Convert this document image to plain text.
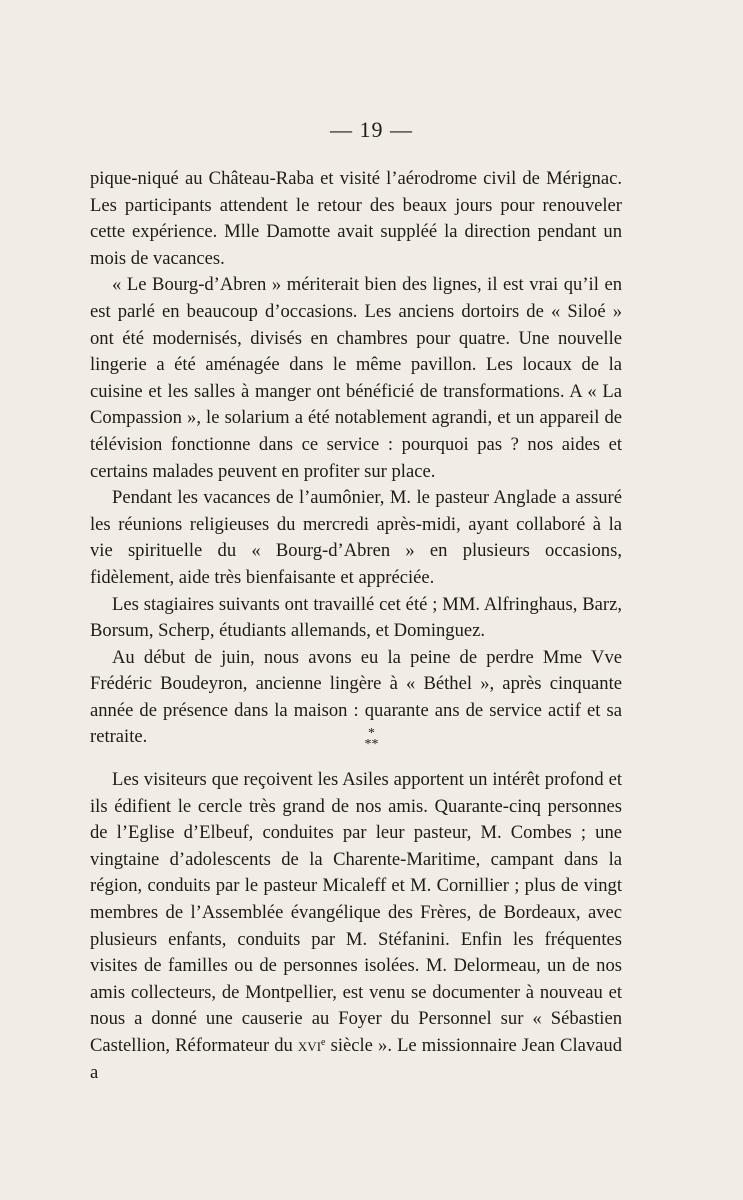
— 19 —

pique-niqué au Château-Raba et visité l’aérodrome civil de Mérignac. Les participants attendent le retour des beaux jours pour renouveler cette expérience. Mlle Damotte avait suppléé la direction pendant un mois de vacances.

« Le Bourg-d’Abren » mériterait bien des lignes, il est vrai qu’il en est parlé en beaucoup d’occasions. Les anciens dortoirs de « Siloé » ont été modernisés, divisés en chambres pour quatre. Une nouvelle lingerie a été aménagée dans le même pavillon. Les locaux de la cuisine et les salles à manger ont bénéficié de transformations. A « La Compassion », le solarium a été notablement agrandi, et un appareil de télévision fonctionne dans ce service : pourquoi pas ? nos aides et certains malades peuvent en profiter sur place.

Pendant les vacances de l’aumônier, M. le pasteur Anglade a assuré les réunions religieuses du mercredi après-midi, ayant collaboré à la vie spirituelle du « Bourg-d’Abren » en plusieurs occasions, fidèlement, aide très bienfaisante et appréciée.

Les stagiaires suivants ont travaillé cet été ; MM. Alfringhaus, Barz, Borsum, Scherp, étudiants allemands, et Dominguez.

Au début de juin, nous avons eu la peine de perdre Mme Vve Frédéric Boudeyron, ancienne lingère à « Béthel », après cinquante année de présence dans la maison : quarante ans de service actif et sa retraite.	*
**

Les visiteurs que reçoivent les Asiles apportent un intérêt profond et ils édifient le cercle très grand de nos amis. Quarante-cinq personnes de l’Eglise d’Elbeuf, conduites par leur pasteur, M. Combes ; une vingtaine d’adolescents de la Charente-Maritime, campant dans la région, conduits par le pasteur Micaleff et M. Cornillier ; plus de vingt membres de l’Assemblée évangélique des Frères, de Bordeaux, avec plusieurs enfants, conduits par M. Stéfanini. Enfin les fréquentes visites de familles ou de personnes isolées. M. Delormeau, un de nos amis collecteurs, de Montpellier, est venu se documenter à nouveau et nous a donné une causerie au Foyer du Personnel sur « Sébastien Castellion, Réformateur du xvi$^e$ siècle ». Le missionnaire Jean Clavaud a
